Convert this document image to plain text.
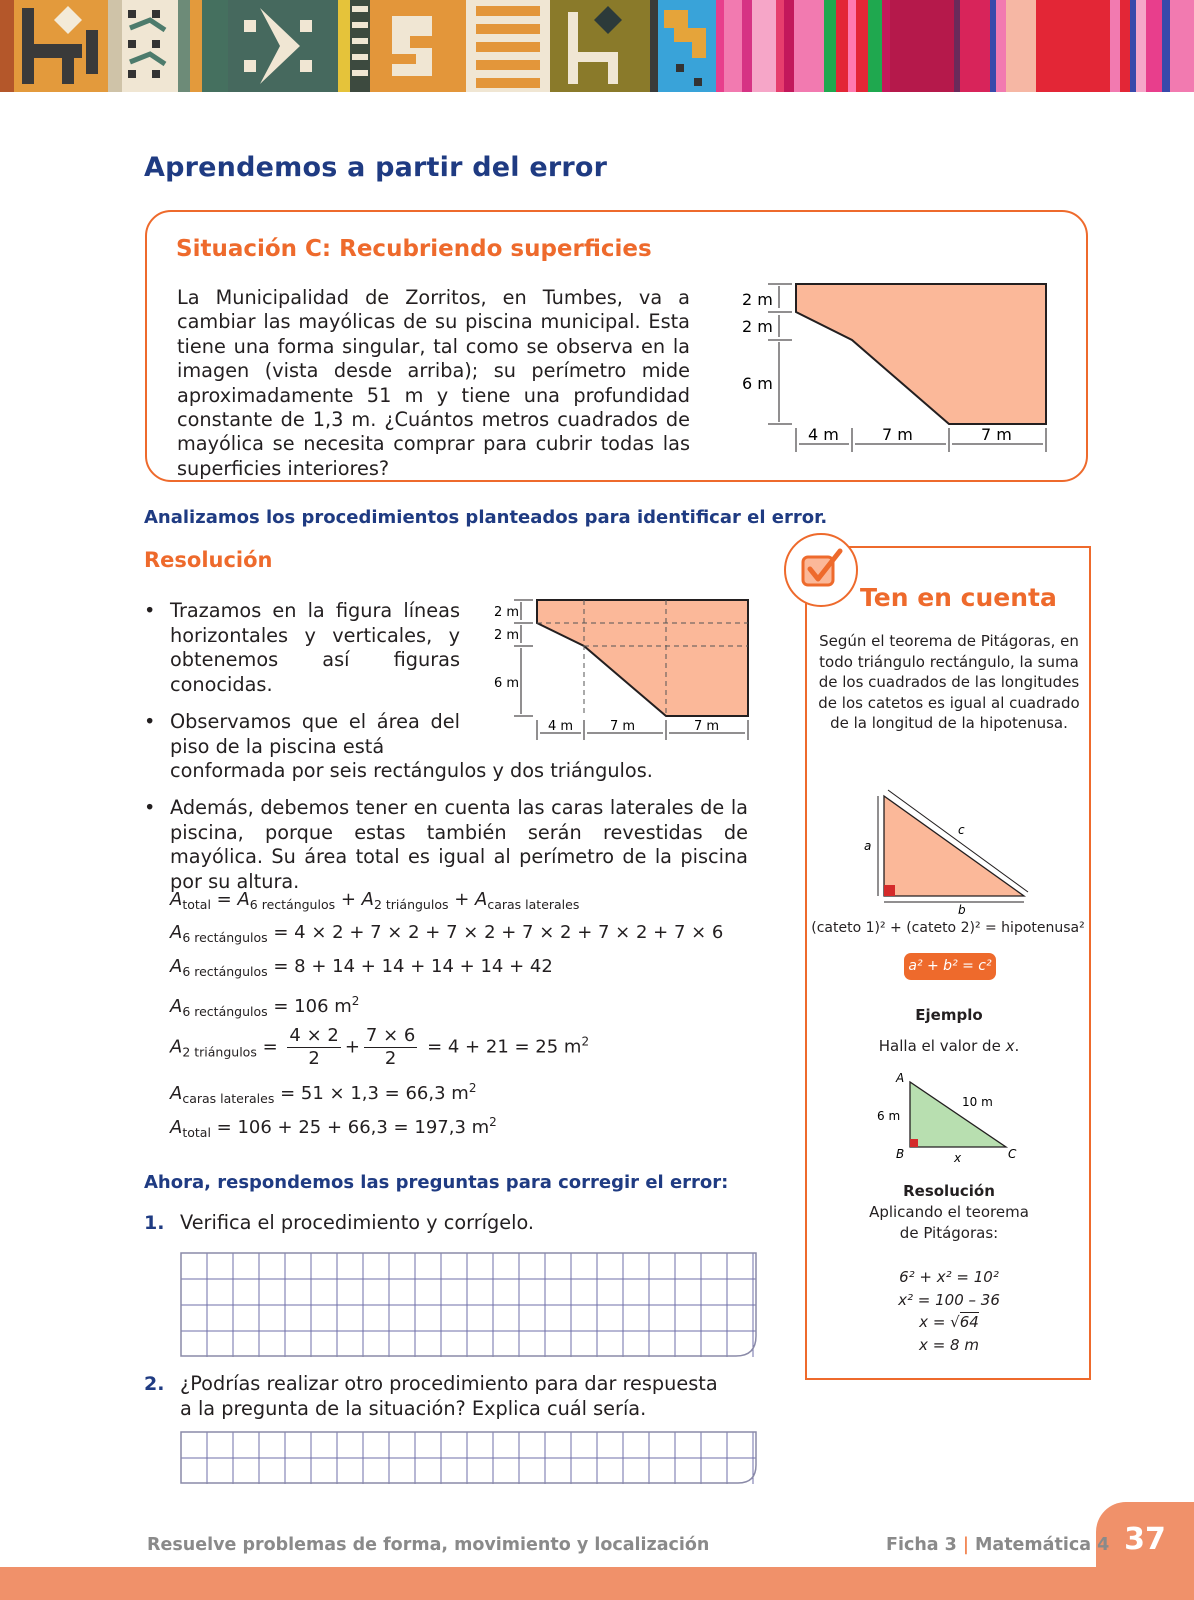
Aprendemos a partir del error
Situación C: Recubriendo superficies
La Municipalidad de Zorritos, en Tumbes, va a cambiar las mayólicas de su piscina municipal. Esta tiene una forma singular, tal como se observa en la imagen (vista desde arriba); su perímetro mide aproximadamente 51 m y tiene una profundidad constante de 1,3 m. ¿Cuántos metros cuadrados de mayólica se necesita comprar para cubrir todas las superficies interiores?
2 m
2 m
6 m
4 m	7 m	7 m
Analizamos los procedimientos planteados para identificar el error.
Resolución
• Trazamos en la figura líneas horizontales y verticales, y obtenemos así figuras conocidas.
• Observamos que el área del piso de la piscina está
conformada por seis rectángulos y dos triángulos.
• Además, debemos tener en cuenta las caras laterales de la piscina, porque estas también serán revestidas de mayólica. Su área total es igual al perímetro de la piscina por su altura.
2 m
2 m
6 m
4 m	7 m	7 m
$A_{total} = A_{6 rectángulos} + A_{2 triángulos} + A_{caras laterales}$
$A_{6 rectángulos} = 4 \times 2 + 7 \times 2 + 7 \times 2 + 7 \times 2 + 7 \times 2 + 7 \times 6$
$A_{6 rectángulos} = 8 + 14 + 14 + 14 + 14 + 42$
$A_{6 rectángulos} = 106$ $m^2$
$A_{2 triángulos} = \frac{4 \times 2}{2} + \frac{7 \times 6}{2} = 4 + 21 = 25$ $m^2$
$A_{caras laterales} = 51 \times 1,3 = 66,3$ $m^2$
$A_{total} = 106 + 25 + 66,3 = 197,3$ $m^2$
Ahora, respondemos las preguntas para corregir el error:
1. Verifica el procedimiento y corrígelo.
2. ¿Podrías realizar otro procedimiento para dar respuesta
a la pregunta de la situación? Explica cuál sería.
Ten en cuenta
Según el teorema de Pitágoras, en todo triángulo rectángulo, la suma de los cuadrados de las longitudes de los catetos es igual al cuadrado de la longitud de la hipotenusa.
a
b
c
(cateto 1)² + (cateto 2)² = hipotenusa²
a² + b² = c²
Ejemplo
Halla el valor de x.
A
B	C
6 m
10 m
x
Resolución
Aplicando el teorema
de Pitágoras:
6² + x² = 10²
x² = 100 – 36
x = √64
x = 8 m
37
Resuelve problemas de forma, movimiento y localización	Ficha 3 | Matemática 4
